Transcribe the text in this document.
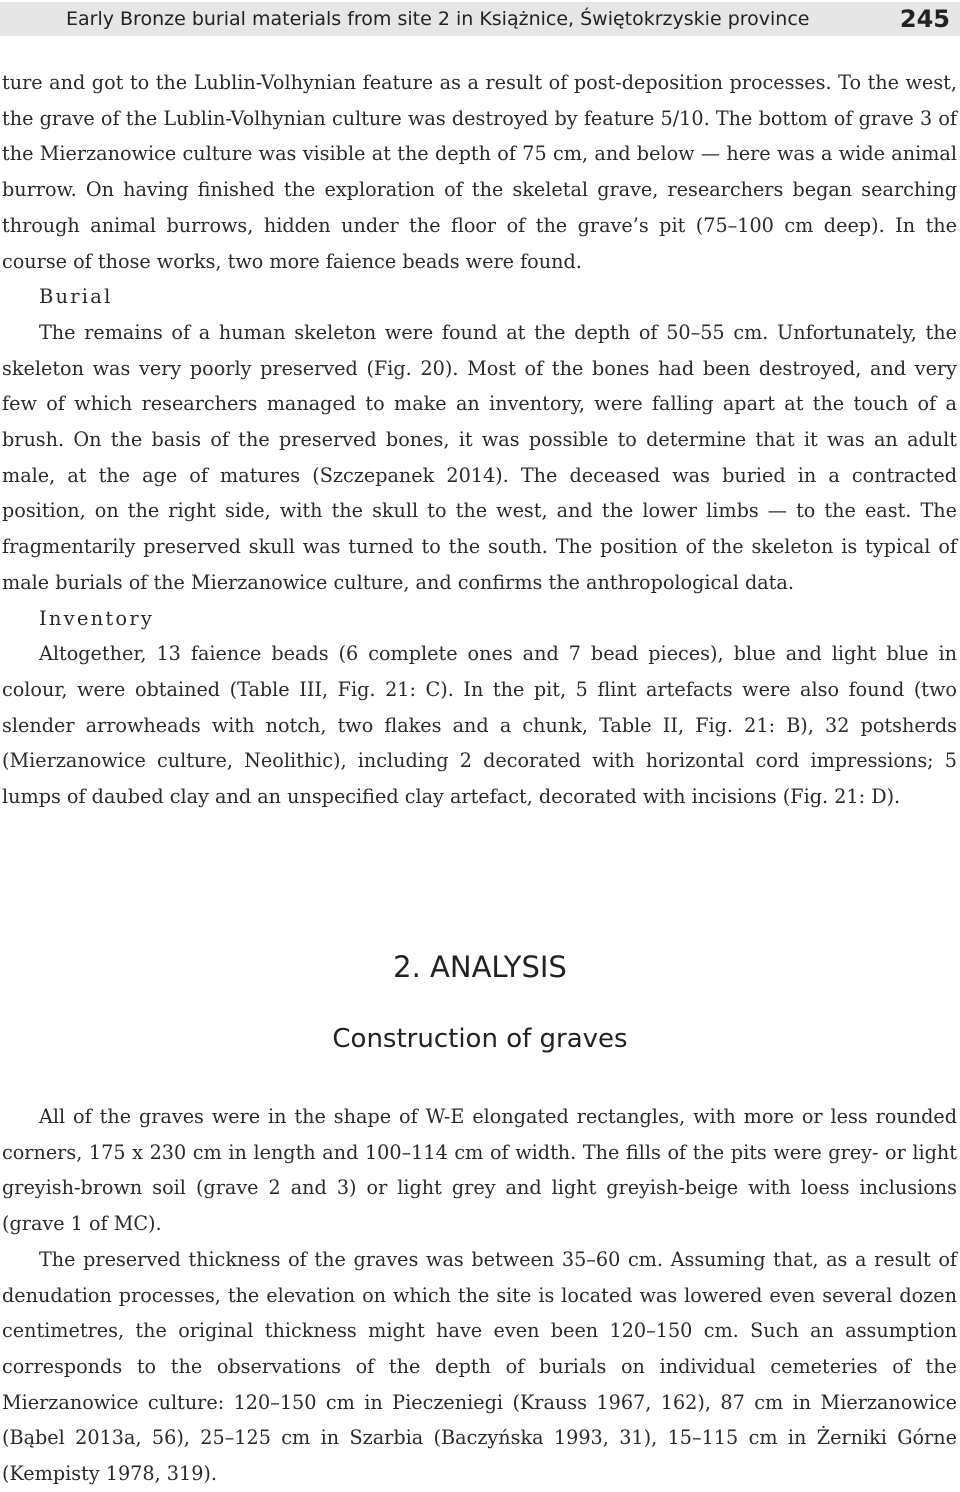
Early Bronze burial materials from site 2 in Książnice, Świętokrzyskie province	245

ture and got to the Lublin-Volhynian feature as a result of post-deposition processes. To the west, the grave of the Lublin-Volhynian culture was destroyed by feature 5/10. The bottom of grave 3 of the Mierzanowice culture was visible at the depth of 75 cm, and below — here was a wide animal burrow. On having finished the exploration of the skeletal grave, researchers began searching through animal burrows, hidden under the floor of the grave’s pit (75–100 cm deep). In the course of those works, two more faience beads were found.

Burial

The remains of a human skeleton were found at the depth of 50–55 cm. Unfortunately, the skeleton was very poorly preserved (Fig. 20). Most of the bones had been destroyed, and very few of which researchers managed to make an inventory, were falling apart at the touch of a brush. On the basis of the preserved bones, it was possible to determine that it was an adult male, at the age of matures (Szczepanek 2014). The deceased was buried in a contracted position, on the right side, with the skull to the west, and the lower limbs — to the east. The fragmentarily preserved skull was turned to the south. The position of the skeleton is typical of male burials of the Mierzanowice culture, and confirms the anthropological data.

Inventory

Altogether, 13 faience beads (6 complete ones and 7 bead pieces), blue and light blue in colour, were obtained (Table III, Fig. 21: C). In the pit, 5 flint artefacts were also found (two slender arrowheads with notch, two flakes and a chunk, Table II, Fig. 21: B), 32 potsherds (Mierzanowice culture, Neolithic), including 2 decorated with horizontal cord impressions; 5 lumps of daubed clay and an unspecified clay artefact, decorated with incisions (Fig. 21: D).

2. ANALYSIS
Construction of graves

All of the graves were in the shape of W-E elongated rectangles, with more or less rounded corners, 175 x 230 cm in length and 100–114 cm of width. The fills of the pits were grey- or light greyish-brown soil (grave 2 and 3) or light grey and light greyish-beige with loess inclusions (grave 1 of MC).

The preserved thickness of the graves was between 35–60 cm. Assuming that, as a result of denudation processes, the elevation on which the site is located was lowered even several dozen centimetres, the original thickness might have even been 120–150 cm. Such an assumption corresponds to the observations of the depth of burials on individual cemeteries of the Mierzanowice culture: 120–150 cm in Pieczeniegi (Krauss 1967, 162), 87 cm in Mierzanowice (Bąbel 2013a, 56), 25–125 cm in Szarbia (Baczyńska 1993, 31), 15–115 cm in Żerniki Górne (Kempisty 1978, 319).
